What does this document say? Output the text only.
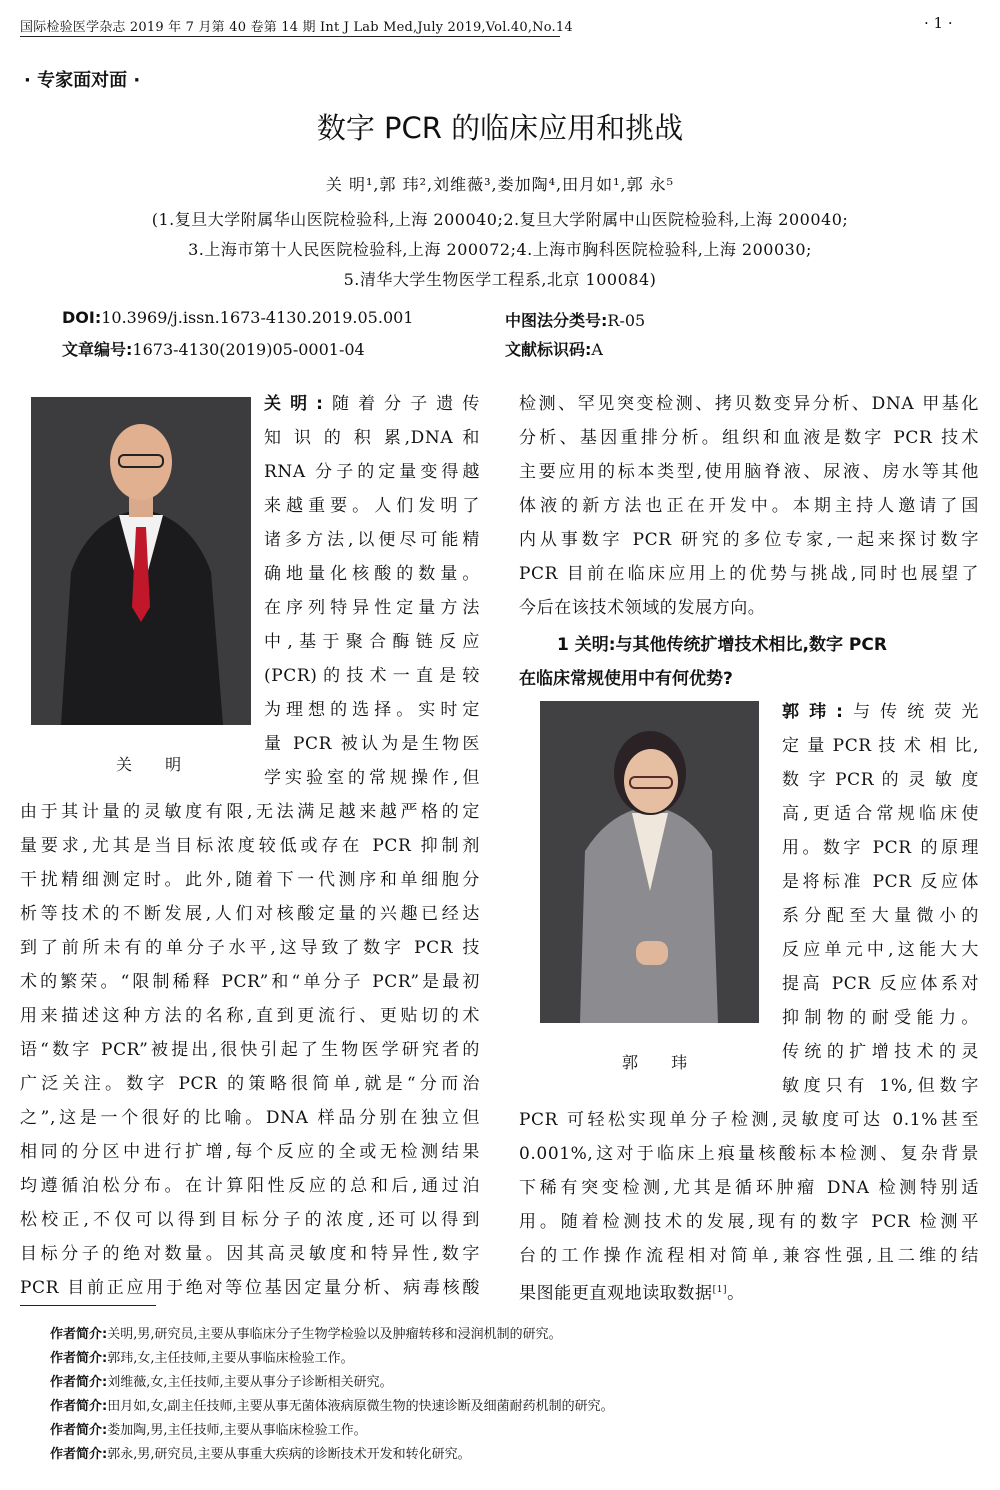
国际检验医学杂志 2019 年 7 月第 40 卷第 14 期 Int J Lab Med,July 2019,Vol.40,No.14	· 1 ·
· 专家面对面 ·
数字 PCR 的临床应用和挑战
关 明¹,郭 玮²,刘维薇³,娄加陶⁴,田月如¹,郭 永⁵
(1.复旦大学附属华山医院检验科,上海 200040;2.复旦大学附属中山医院检验科,上海 200040;
3.上海市第十人民医院检验科,上海 200072;4.上海市胸科医院检验科,上海 200030;
5.清华大学生物医学工程系,北京 100084)
DOI:10.3969/j.issn.1673-4130.2019.05.001	中图法分类号:R-05
文章编号:1673-4130(2019)05-0001-04	文献标识码:A
关 明
关明:随着分子遗传
知 识 的 积 累,DNA 和
RNA 分子的定量变得越
来越重要。人们发明了
诸多方法,以便尽可能精
确地量化核酸的数量。
在序列特异性定量方法
中,基于聚合酶链反应
(PCR)的技术一直是较
为理想的选择。实时定
量 PCR 被认为是生物医
学实验室的常规操作,但
由于其计量的灵敏度有限,无法满足越来越严格的定
量要求,尤其是当目标浓度较低或存在 PCR 抑制剂
干扰精细测定时。此外,随着下一代测序和单细胞分
析等技术的不断发展,人们对核酸定量的兴趣已经达
到了前所未有的单分子水平,这导致了数字 PCR 技
术的繁荣。“限制稀释 PCR”和“单分子 PCR”是最初
用来描述这种方法的名称,直到更流行、更贴切的术
语“数字 PCR”被提出,很快引起了生物医学研究者的
广泛关注。数字 PCR 的策略很简单,就是“分而治
之”,这是一个很好的比喻。DNA 样品分别在独立但
相同的分区中进行扩增,每个反应的全或无检测结果
均遵循泊松分布。在计算阳性反应的总和后,通过泊
松校正,不仅可以得到目标分子的浓度,还可以得到
目标分子的绝对数量。因其高灵敏度和特异性,数字
PCR 目前正应用于绝对等位基因定量分析、病毒核酸
检测、罕见突变检测、拷贝数变异分析、DNA 甲基化
分析、基因重排分析。组织和血液是数字 PCR 技术
主要应用的标本类型,使用脑脊液、尿液、房水等其他
体液的新方法也正在开发中。本期主持人邀请了国
内从事数字 PCR 研究的多位专家,一起来探讨数字
PCR 目前在临床应用上的优势与挑战,同时也展望了
今后在该技术领域的发展方向。
1 关明:与其他传统扩增技术相比,数字 PCR
在临床常规使用中有何优势?
郭 玮
郭玮:与传统荧光
定 量 PCR 技 术 相 比,
数 字 PCR 的 灵 敏 度
高,更适合常规临床使
用。数字 PCR 的原理
是将标准 PCR 反应体
系分配至大量微小的
反应单元中,这能大大
提高 PCR 反应体系对
抑制物的耐受能力。
传统的扩增技术的灵
敏度只有 1%,但数字
PCR 可轻松实现单分子检测,灵敏度可达 0.1%甚至
0.001%,这对于临床上痕量核酸标本检测、复杂背景
下稀有突变检测,尤其是循环肿瘤 DNA 检测特别适
用。随着检测技术的发展,现有的数字 PCR 检测平
台的工作操作流程相对简单,兼容性强,且二维的结
果图能更直观地读取数据[1]。
作者简介:关明,男,研究员,主要从事临床分子生物学检验以及肿瘤转移和浸润机制的研究。
作者简介:郭玮,女,主任技师,主要从事临床检验工作。
作者简介:刘维薇,女,主任技师,主要从事分子诊断相关研究。
作者简介:田月如,女,副主任技师,主要从事无菌体液病原微生物的快速诊断及细菌耐药机制的研究。
作者简介:娄加陶,男,主任技师,主要从事临床检验工作。
作者简介:郭永,男,研究员,主要从事重大疾病的诊断技术开发和转化研究。
